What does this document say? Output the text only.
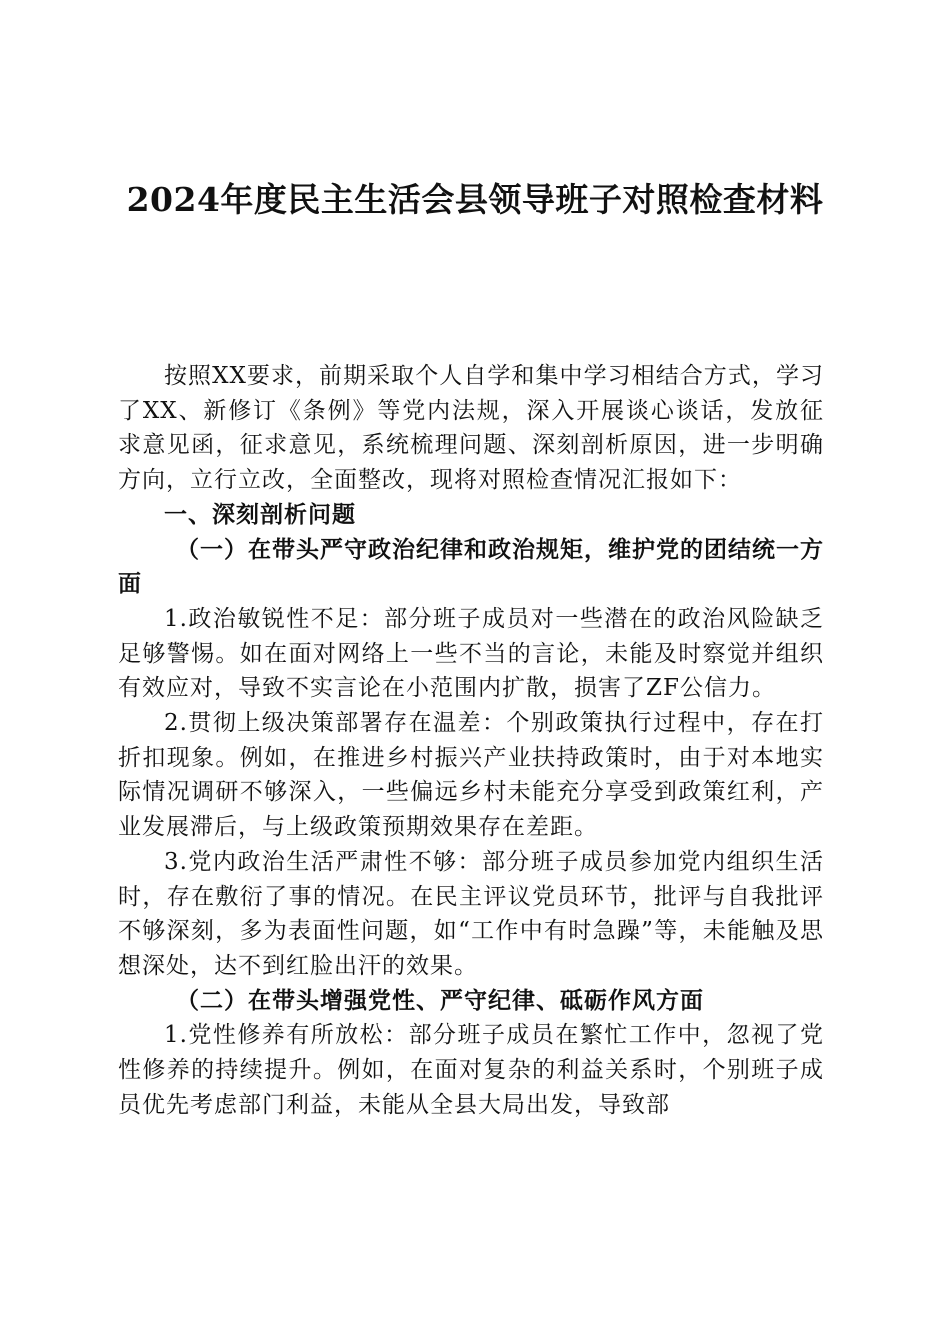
2024年度民主生活会县领导班子对照检查材料

按照XX要求，前期采取个人自学和集中学习相结合方式，学习了XX、新修订《条例》等党内法规，深入开展谈心谈话，发放征求意见函，征求意见，系统梳理问题、深刻剖析原因，进一步明确方向，立行立改，全面整改，现将对照检查情况汇报如下：

一、深刻剖析问题

（一）在带头严守政治纪律和政治规矩，维护党的团结统一方面

1.政治敏锐性不足：部分班子成员对一些潜在的政治风险缺乏足够警惕。如在面对网络上一些不当的言论，未能及时察觉并组织有效应对，导致不实言论在小范围内扩散，损害了ZF公信力。

2.贯彻上级决策部署存在温差：个别政策执行过程中，存在打折扣现象。例如，在推进乡村振兴产业扶持政策时，由于对本地实际情况调研不够深入，一些偏远乡村未能充分享受到政策红利，产业发展滞后，与上级政策预期效果存在差距。

3.党内政治生活严肃性不够：部分班子成员参加党内组织生活时，存在敷衍了事的情况。在民主评议党员环节，批评与自我批评不够深刻，多为表面性问题，如“工作中有时急躁”等，未能触及思想深处，达不到红脸出汗的效果。

（二）在带头增强党性、严守纪律、砥砺作风方面

1.党性修养有所放松：部分班子成员在繁忙工作中，忽视了党性修养的持续提升。例如，在面对复杂的利益关系时，个别班子成员优先考虑部门利益，未能从全县大局出发，导致部
